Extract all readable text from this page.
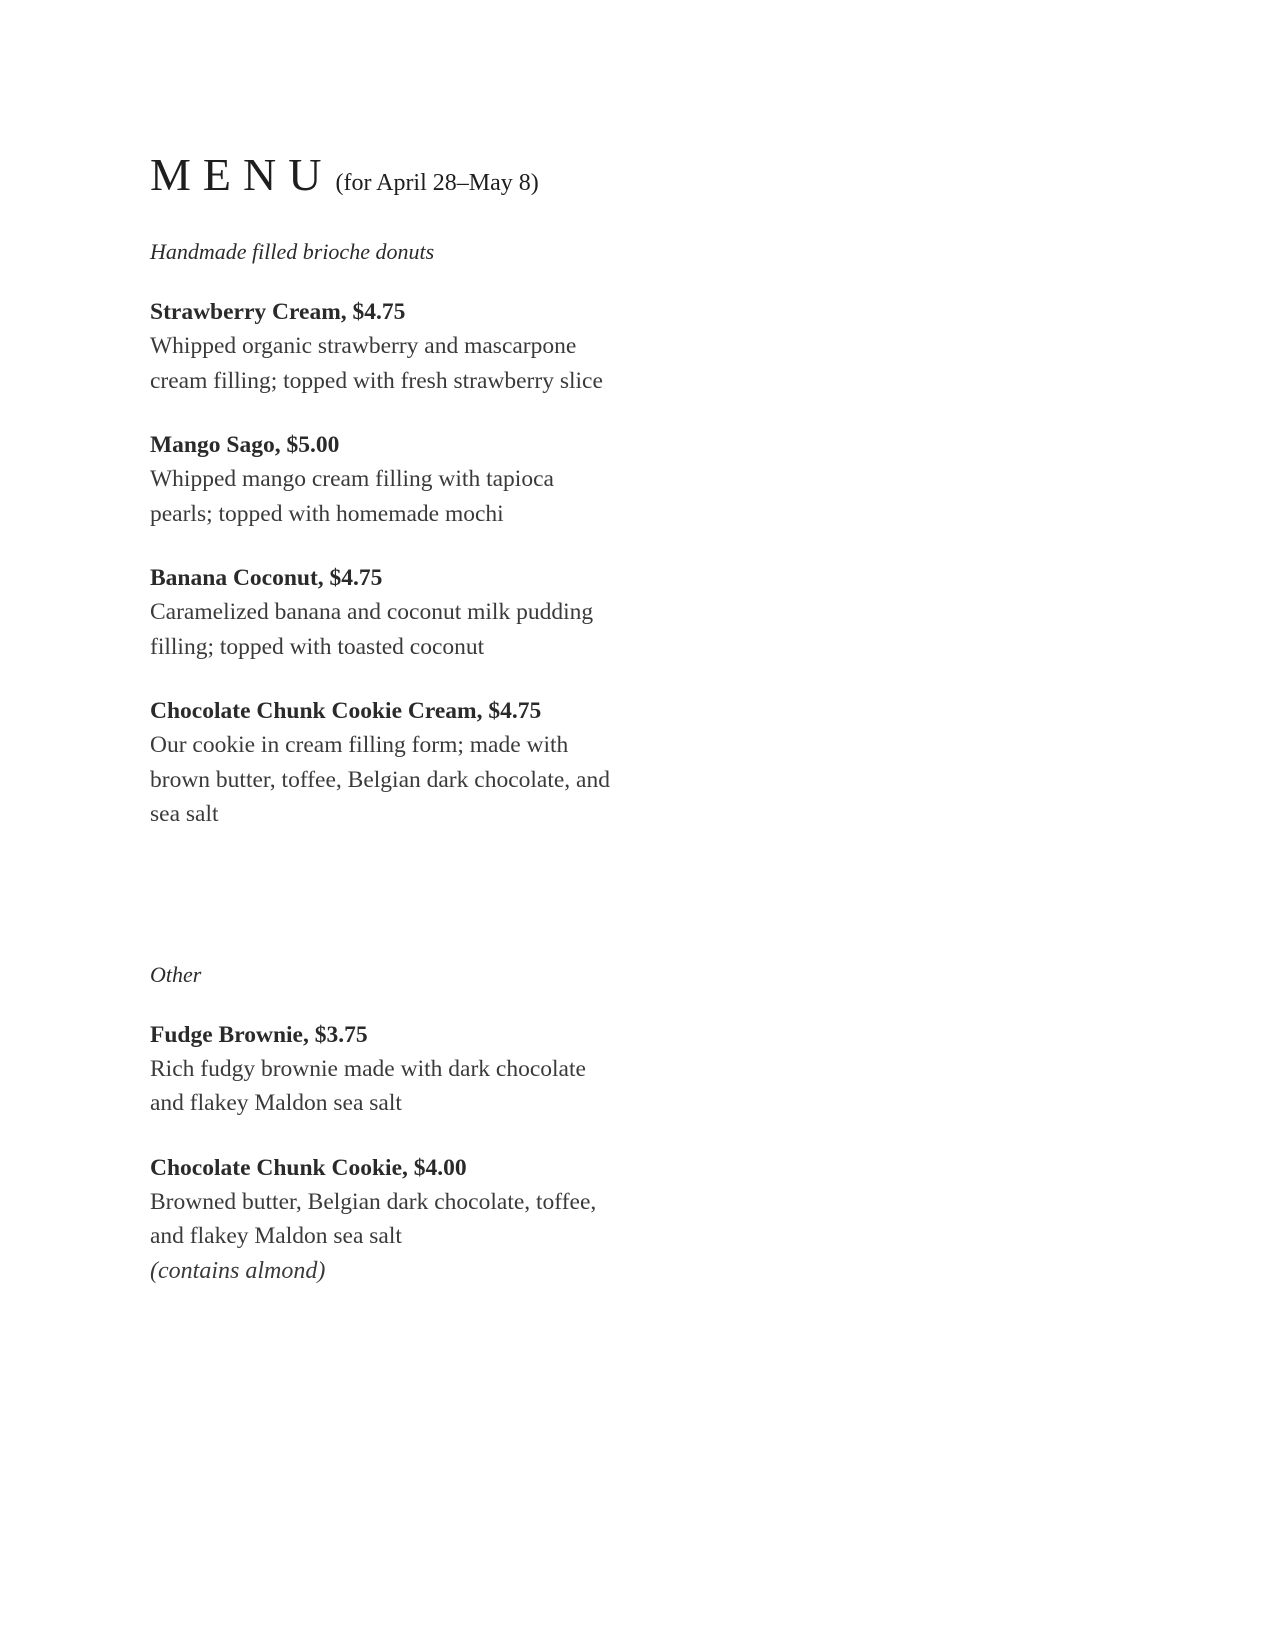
MENU (for April 28–May 8)
Handmade filled brioche donuts
Strawberry Cream, $4.75
Whipped organic strawberry and mascarpone cream filling; topped with fresh strawberry slice
Mango Sago, $5.00
Whipped mango cream filling with tapioca pearls; topped with homemade mochi
Banana Coconut, $4.75
Caramelized banana and coconut milk pudding filling; topped with toasted coconut
Chocolate Chunk Cookie Cream, $4.75
Our cookie in cream filling form; made with brown butter, toffee, Belgian dark chocolate, and sea salt
Other
Fudge Brownie, $3.75
Rich fudgy brownie made with dark chocolate and flakey Maldon sea salt
Chocolate Chunk Cookie, $4.00
Browned butter, Belgian dark chocolate, toffee, and flakey Maldon sea salt
(contains almond)
